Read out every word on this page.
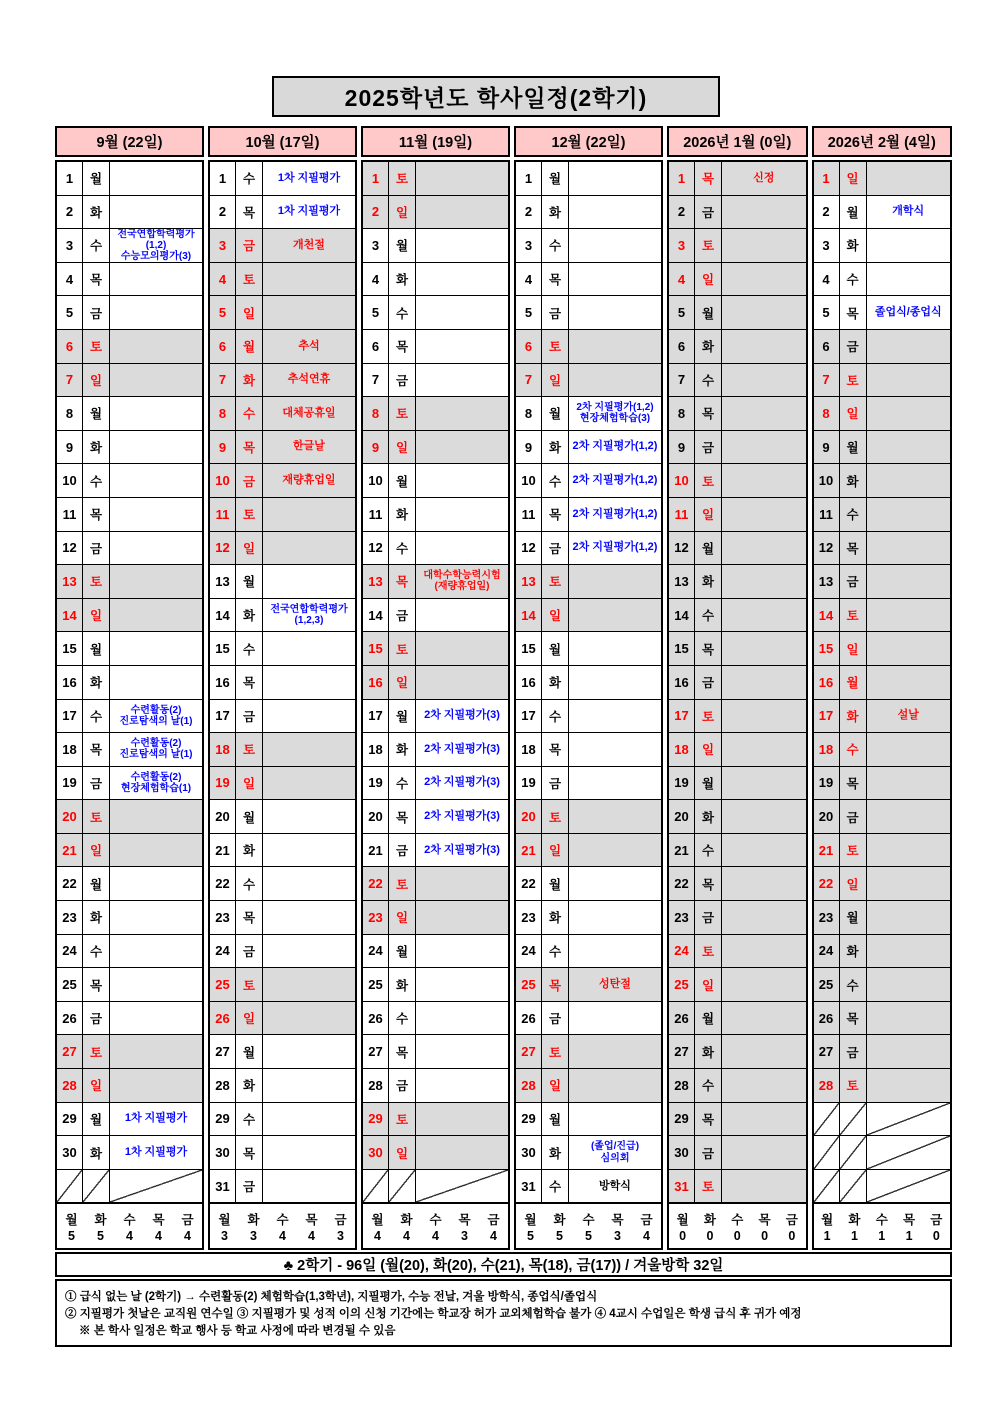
2025학년도 학사일정(2학기)
9월 (22일)
1	월
2	화
3	수
전국연합학력평가(1,2)
수능모의평가(3)
4	목
5	금
6	토
7	일
8	월
9	화
10	수
11	목
12	금
13	토
14	일
15	월
16	화
17	수	수련활동(2)
진로탐색의 날(1)
18	목	수련활동(2)
진로탐색의 날(1)
19	금	수련활동(2)
현장체험학습(1)
20	토
21	일
22	월
23	화
24	수
25	목
26	금
27	토
28	일
29	월	1차 지필평가
30	화	1차 지필평가
월
5
화
5
수
4
목
4
금
4
10월 (17일)
1	수	1차 지필평가
2	목	1차 지필평가
3	금	개천절
4	토
5	일
6	월	추석
7	화	추석연휴
8	수	대체공휴일
9	목	한글날
10	금	재량휴업일
11	토
12	일
13	월
14	화	전국연합학력평가
(1,2,3)
15	수
16	목
17	금
18	토
19	일
20	월
21	화
22	수
23	목
24	금
25	토
26	일
27	월
28	화
29	수
30	목
31	금
월
3
화
3
수
4
목
4
금
3
11월 (19일)
1	토
2	일
3	월
4	화
5	수
6	목
7	금
8	토
9	일
10	월
11	화
12	수
13	목	대학수학능력시험
(재량휴업일)
14	금
15	토
16	일
17	월	2차 지필평가(3)
18	화	2차 지필평가(3)
19	수	2차 지필평가(3)
20	목	2차 지필평가(3)
21	금	2차 지필평가(3)
22	토
23	일
24	월
25	화
26	수
27	목
28	금
29	토
30	일
월
4
화
4
수
4
목
3
금
4
12월 (22일)
1	월
2	화
3	수
4	목
5	금
6	토
7	일
8	월	2차 지필평가(1,2)
현장체험학습(3)
9	화	2차 지필평가(1,2)
10	수	2차 지필평가(1,2)
11	목	2차 지필평가(1,2)
12	금	2차 지필평가(1,2)
13	토
14	일
15	월
16	화
17	수
18	목
19	금
20	토
21	일
22	월
23	화
24	수
25	목	성탄절
26	금
27	토
28	일
29	월
30	화	(졸업/진급)
심의회
31	수	방학식
월
5
화
5
수
5
목
3
금
4
2026년 1월 (0일)
1	목	신정
2	금
3	토
4	일
5	월
6	화
7	수
8	목
9	금
10	토
11	일
12	월
13	화
14	수
15	목
16	금
17	토
18	일
19	월
20	화
21	수
22	목
23	금
24	토
25	일
26	월
27	화
28	수
29	목
30	금
31	토
월
0
화
0
수
0
목
0
금
0
2026년 2월 (4일)
1	일
2	월	개학식
3	화
4	수
5	목	졸업식/종업식
6	금
7	토
8	일
9	월
10	화
11	수
12	목
13	금
14	토
15	일
16	월
17	화	설날
18	수
19	목
20	금
21	토
22	일
23	월
24	화
25	수
26	목
27	금
28	토
월
1
화
1
수
1
목
1
금
0
♣ 2학기 - 96일 (월(20), 화(20), 수(21), 목(18), 금(17)) / 겨울방학 32일
① 급식 없는 날 (2학기) → 수련활동(2) 체험학습(1,3학년), 지필평가, 수능 전날, 겨울 방학식, 종업식/졸업식
② 지필평가 첫날은 교직원 연수일 ③ 지필평가 및 성적 이의 신청 기간에는 학교장 허가 교외체험학습 불가 ④ 4교시 수업일은 학생 급식 후 귀가 예정
※ 본 학사 일정은 학교 행사 등 학교 사정에 따라 변경될 수 있음
